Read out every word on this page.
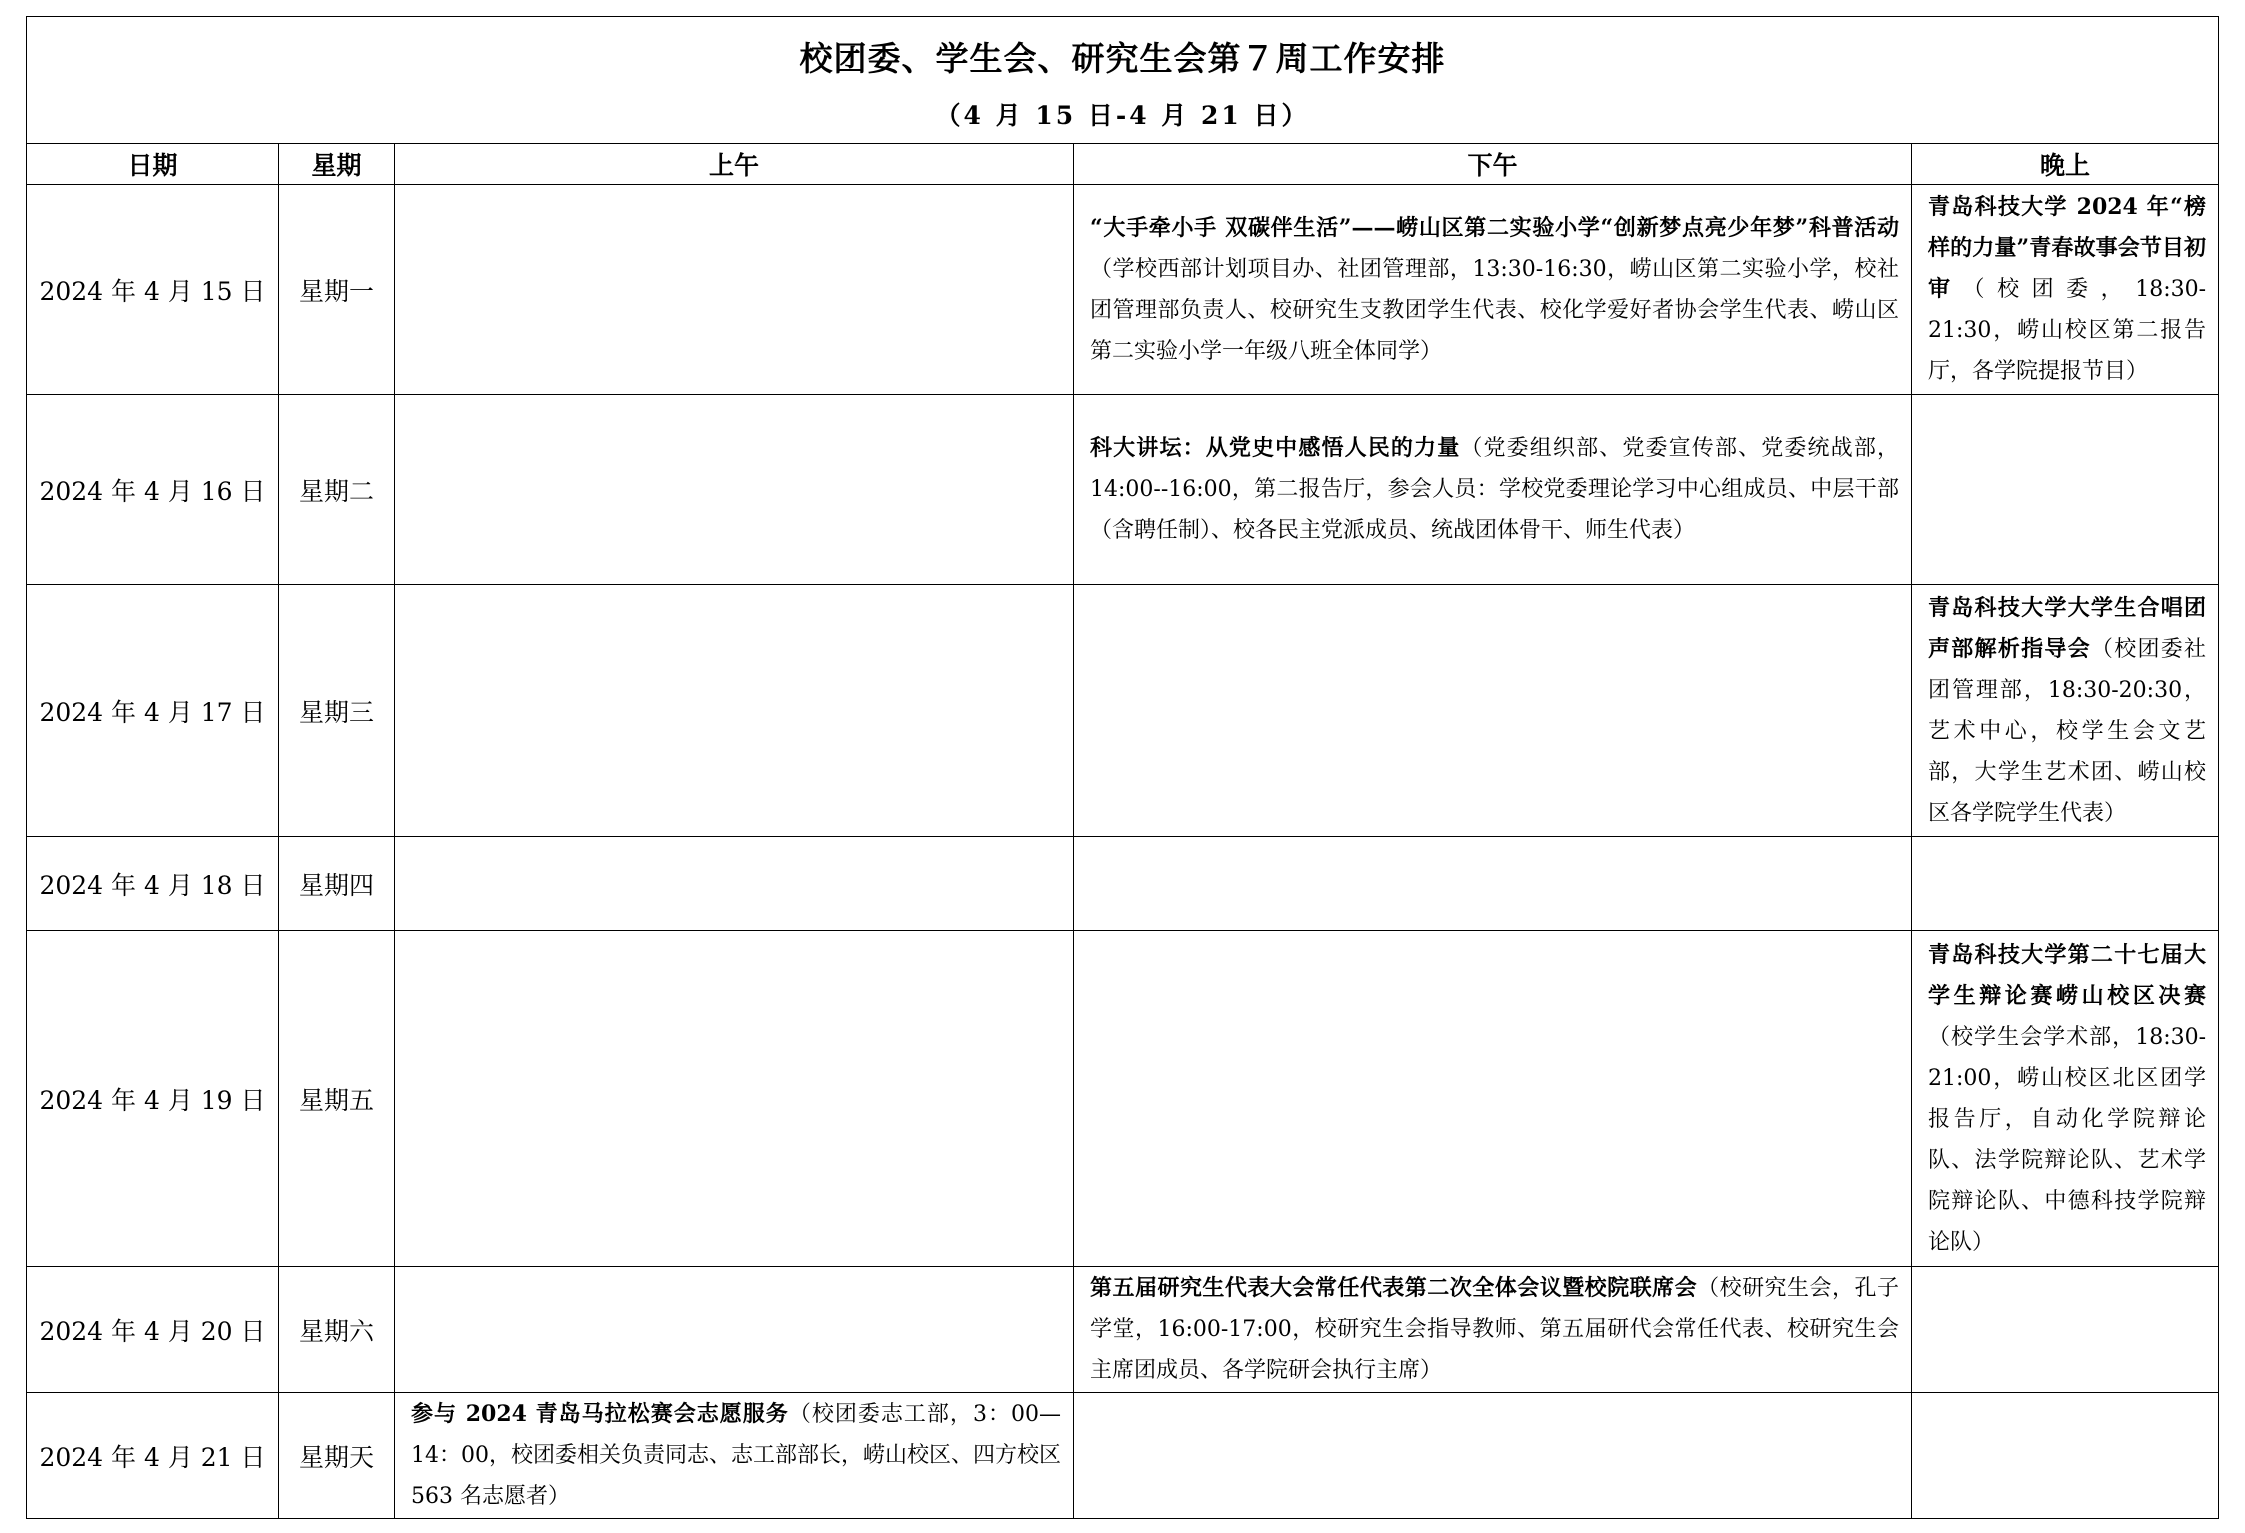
校团委、学生会、研究生会第７周工作安排
（4 月 15 日-4 月 21 日）				

日期	星期	上午	下午	晚上
2024 年 4 月 15 日	星期一		“大手牵小手 双碳伴生活”——崂山区第二实验小学“创新梦点亮少年梦”科普活动（学校西部计划项目办、社团管理部，13:30-16:30，崂山区第二实验小学，校社团管理部负责人、校研究生支教团学生代表、校化学爱好者协会学生代表、崂山区第二实验小学一年级八班全体同学）	青岛科技大学 2024 年“榜样的力量”青春故事会节目初审（校团委，18:30-21:30，崂山校区第二报告厅，各学院提报节目）

2024 年 4 月 16 日	星期二		科大讲坛：从党史中感悟人民的力量（党委组织部、党委宣传部、党委统战部，14:00--16:00，第二报告厅，参会人员：学校党委理论学习中心组成员、中层干部（含聘任制）、校各民主党派成员、统战团体骨干、师生代表）	

2024 年 4 月 17 日	星期三			青岛科技大学大学生合唱团声部解析指导会（校团委社团管理部，18:30-20:30，艺术中心，校学生会文艺部，大学生艺术团、崂山校区各学院学生代表）

2024 年 4 月 18 日	星期四	

2024 年 4 月 19 日	星期五			青岛科技大学第二十七届大学生辩论赛崂山校区决赛（校学生会学术部，18:30-21:00，崂山校区北区团学报告厅，自动化学院辩论队、法学院辩论队、艺术学院辩论队、中德科技学院辩论队）

2024 年 4 月 20 日	星期六		第五届研究生代表大会常任代表第二次全体会议暨校院联席会（校研究生会，孔子学堂，16:00-17:00，校研究生会指导教师、第五届研代会常任代表、校研究生会主席团成员、各学院研会执行主席）	

2024 年 4 月 21 日	星期天	参与 2024 青岛马拉松赛会志愿服务（校团委志工部，3：00—14：00，校团委相关负责同志、志工部部长，崂山校区、四方校区 563 名志愿者）		
